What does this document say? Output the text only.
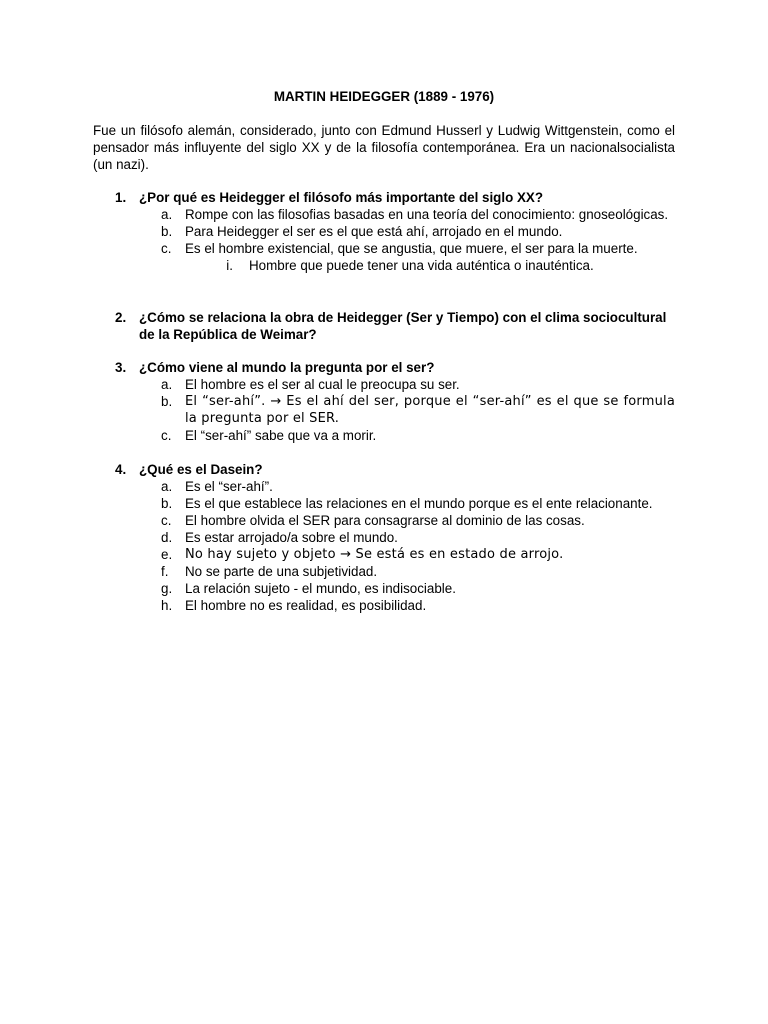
MARTIN HEIDEGGER (1889 - 1976)
Fue un filósofo alemán, considerado, junto con Edmund Husserl y Ludwig Wittgenstein, como el pensador más influyente del siglo XX y de la filosofía contemporánea. Era un nacionalsocialista (un nazi).
1. ¿Por qué es Heidegger el filósofo más importante del siglo XX?
a. Rompe con las filosofias basadas en una teoría del conocimiento: gnoseológicas.
b. Para Heidegger el ser es el que está ahí, arrojado en el mundo.
c.	Es el hombre existencial, que se angustia, que muere, el ser para la muerte.
i.	Hombre que puede tener una vida auténtica o inauténtica.
2. ¿Cómo se relaciona la obra de Heidegger (Ser y Tiempo) con el clima sociocultural de la República de Weimar?
3. ¿Cómo viene al mundo la pregunta por el ser?
a. El hombre es el ser al cual le preocupa su ser.
b. El “ser-ahí”. → Es el ahí del ser, porque el “ser-ahí” es el que se formula la pregunta por el SER.
c.	El “ser-ahí” sabe que va a morir.
4. ¿Qué es el Dasein?
a. Es el “ser-ahí”.
b. Es el que establece las relaciones en el mundo porque es el ente relacionante.
c.	El hombre olvida el SER para consagrarse al dominio de las cosas.
d. Es estar arrojado/a sobre el mundo.
e. No hay sujeto y objeto → Se está es en estado de arrojo.
f.	No se parte de una subjetividad.
g. La relación sujeto - el mundo, es indisociable.
h. El hombre no es realidad, es posibilidad.
